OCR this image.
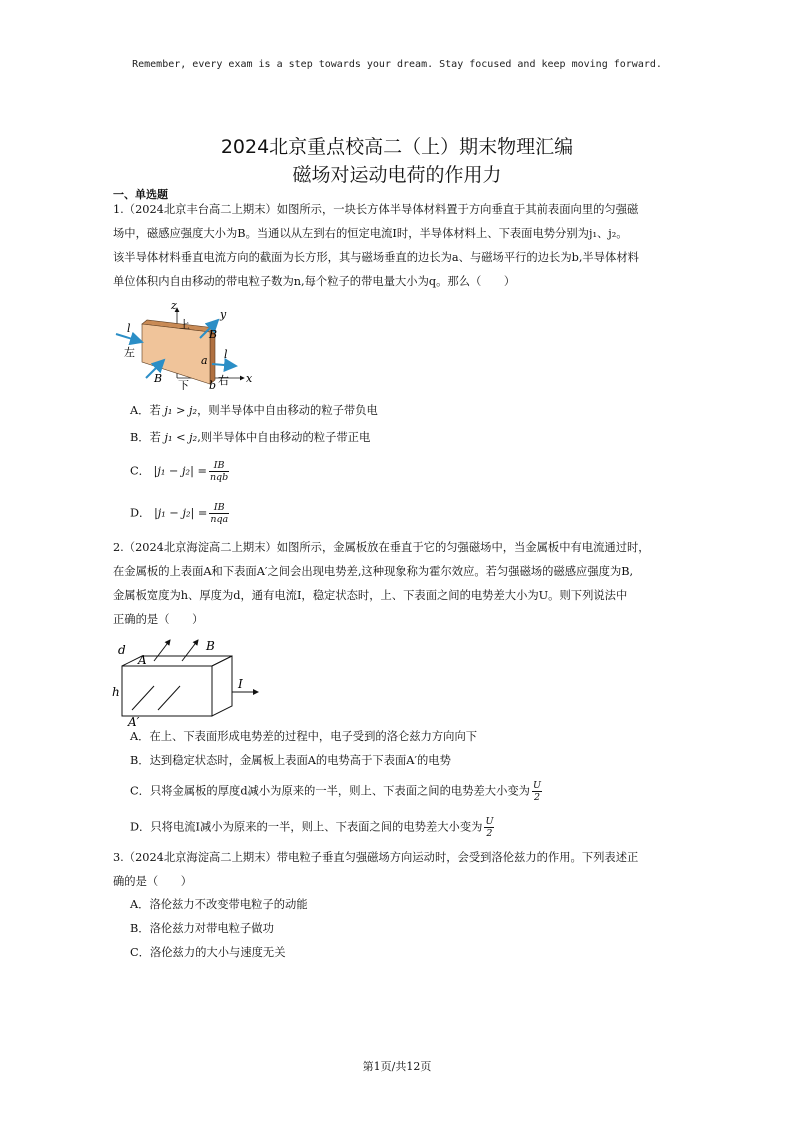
Remember, every exam is a step towards your dream. Stay focused and keep moving forward.
2024北京重点校高二（上）期末物理汇编
磁场对运动电荷的作用力
一、单选题
1.（2024北京丰台高二上期末）如图所示，一块长方体半导体材料置于方向垂直于其前表面向里的匀强磁
场中，磁感应强度大小为B。当通以从左到右的恒定电流I时，半导体材料上、下表面电势分别为j₁、j₂。
该半导体材料垂直电流方向的截面为长方形，其与磁场垂直的边长为a、与磁场平行的边长为b,半导体材料
单位体积内自由移动的带电粒子数为n,每个粒子的带电量大小为q。那么（　　）
z
y
上
B
l
左
a l
B
下 b 右 x
A．若 j₁ > j₂，则半导体中自由移动的粒子带负电
B．若 j₁ < j₂,则半导体中自由移动的粒子带正电
C． $|j_1 - j_2| = \frac{IB}{\text{nqb}}$
D． $|j_1 - j_2| = \frac{IB}{\text{nqa}}$
2.（2024北京海淀高二上期末）如图所示，金属板放在垂直于它的匀强磁场中，当金属板中有电流通过时，
在金属板的上表面A和下表面A′之间会出现电势差,这种现象称为霍尔效应。若匀强磁场的磁感应强度为B,
金属板宽度为h、厚度为d，通有电流I，稳定状态时，上、下表面之间的电势差大小为U。则下列说法中
正确的是（　　）
d
A
B
h
I
A′
A．在上、下表面形成电势差的过程中，电子受到的洛仑兹力方向向下
B．达到稳定状态时，金属板上表面A的电势高于下表面A′的电势
C．只将金属板的厚度d减小为原来的一半，则上、下表面之间的电势差大小变为 $\frac{U}{2}$
D．只将电流I减小为原来的一半，则上、下表面之间的电势差大小变为 $\frac{U}{2}$
3.（2024北京海淀高二上期末）带电粒子垂直匀强磁场方向运动时，会受到洛伦兹力的作用。下列表述正
确的是（　　）
A．洛伦兹力不改变带电粒子的动能
B．洛伦兹力对带电粒子做功
C．洛伦兹力的大小与速度无关
第1页/共12页
